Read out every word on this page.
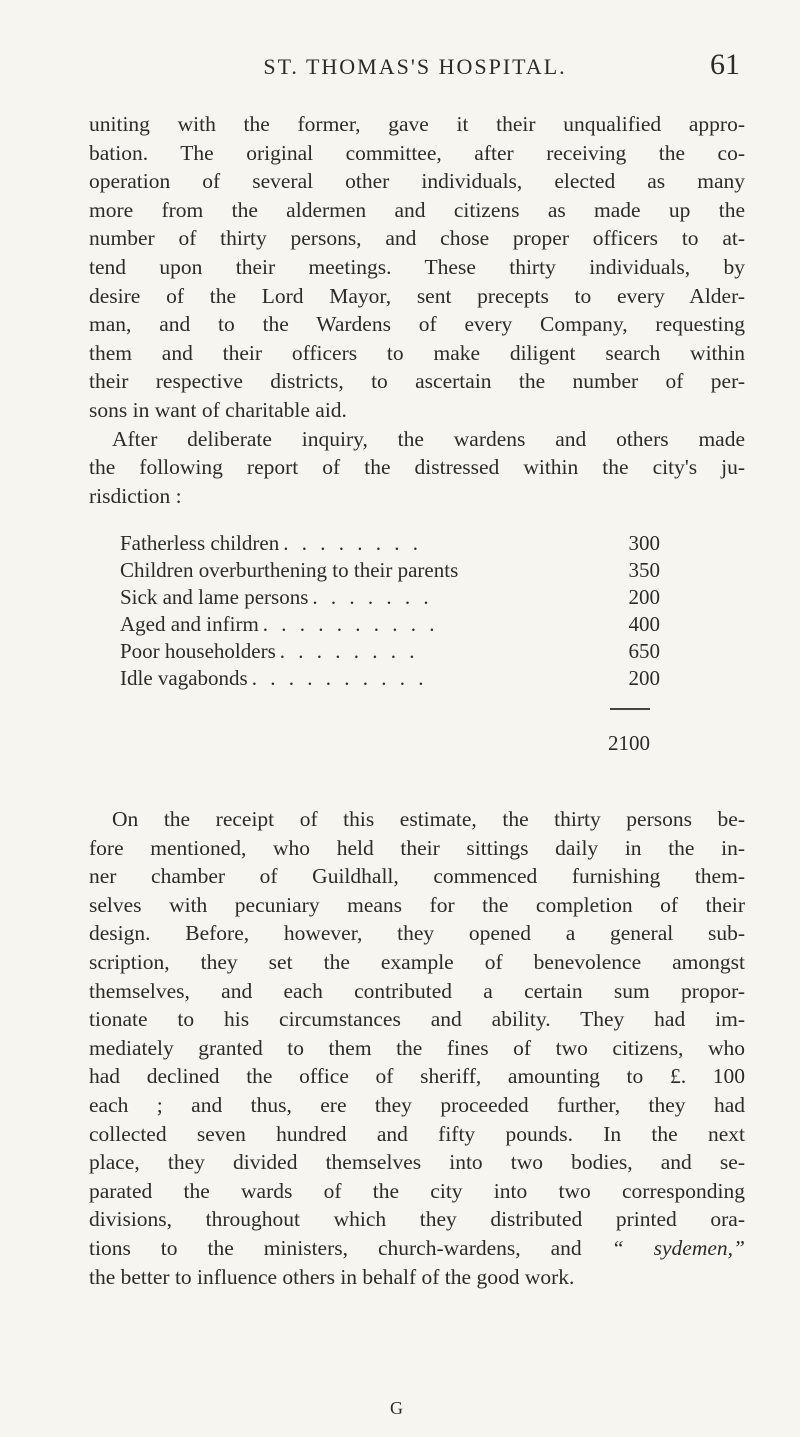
ST. THOMAS'S HOSPITAL.	61
uniting with the former, gave it their unqualified appro-
bation. The original committee, after receiving the co-
operation of several other individuals, elected as many
more from the aldermen and citizens as made up the
number of thirty persons, and chose proper officers to at-
tend upon their meetings. These thirty individuals, by
desire of the Lord Mayor, sent precepts to every Alder-
man, and to the Wardens of every Company, requesting
them and their officers to make diligent search within
their respective districts, to ascertain the number of per-
sons in want of charitable aid.
After deliberate inquiry, the wardens and others made
the following report of the distressed within the city's ju-
risdiction :
Fatherless children . . . . . . . .	300
Children overburthening to their parents	350
Sick and lame persons . . . . . . .	200
Aged and infirm . . . . . . . . . .	400
Poor householders . . . . . . . .	650
Idle vagabonds . . . . . . . . . .	200
2100
On the receipt of this estimate, the thirty persons be-
fore mentioned, who held their sittings daily in the in-
ner chamber of Guildhall, commenced furnishing them-
selves with pecuniary means for the completion of their
design. Before, however, they opened a general sub-
scription, they set the example of benevolence amongst
themselves, and each contributed a certain sum propor-
tionate to his circumstances and ability. They had im-
mediately granted to them the fines of two citizens, who
had declined the office of sheriff, amounting to £. 100
each ; and thus, ere they proceeded further, they had
collected seven hundred and fifty pounds. In the next
place, they divided themselves into two bodies, and se-
parated the wards of the city into two corresponding
divisions, throughout which they distributed printed ora-
tions to the ministers, church-wardens, and “ sydemen,”
the better to influence others in behalf of the good work.
G
